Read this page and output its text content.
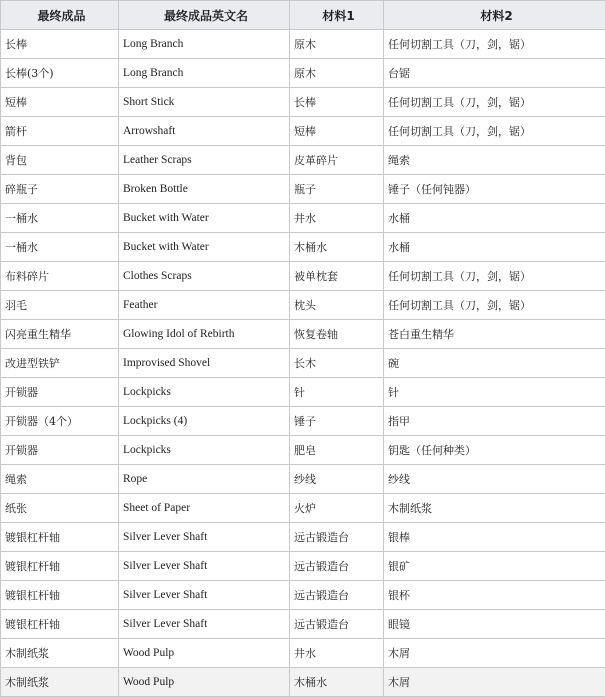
最终成品	最终成品英文名	材料1	材料2
长棒	Long Branch	原木	任何切割工具（刀，剑，锯）
长棒(3个)	Long Branch	原木	台锯
短棒	Short Stick	长棒	任何切割工具（刀，剑，锯）
箭杆	Arrowshaft	短棒	任何切割工具（刀，剑，锯）
背包	Leather Scraps	皮革碎片	绳索
碎瓶子	Broken Bottle	瓶子	锤子（任何钝器）
一桶水	Bucket with Water	井水	水桶
一桶水	Bucket with Water	木桶水	水桶
布料碎片	Clothes Scraps	被单枕套	任何切割工具（刀，剑，锯）
羽毛	Feather	枕头	任何切割工具（刀，剑，锯）
闪亮重生精华	Glowing Idol of Rebirth	恢复卷轴	苍白重生精华
改进型铁铲	Improvised Shovel	长木	碗
开锁器	Lockpicks	针	针
开锁器（4个）	Lockpicks (4)	锤子	指甲
开锁器	Lockpicks	肥皂	钥匙（任何种类）
绳索	Rope	纱线	纱线
纸张	Sheet of Paper	火炉	木制纸浆
镀银杠杆轴	Silver Lever Shaft	远古锻造台	银棒
镀银杠杆轴	Silver Lever Shaft	远古锻造台	银矿
镀银杠杆轴	Silver Lever Shaft	远古锻造台	银杯
镀银杠杆轴	Silver Lever Shaft	远古锻造台	眼镜
木制纸浆	Wood Pulp	井水	木屑
木制纸浆	Wood Pulp	木桶水	木屑
